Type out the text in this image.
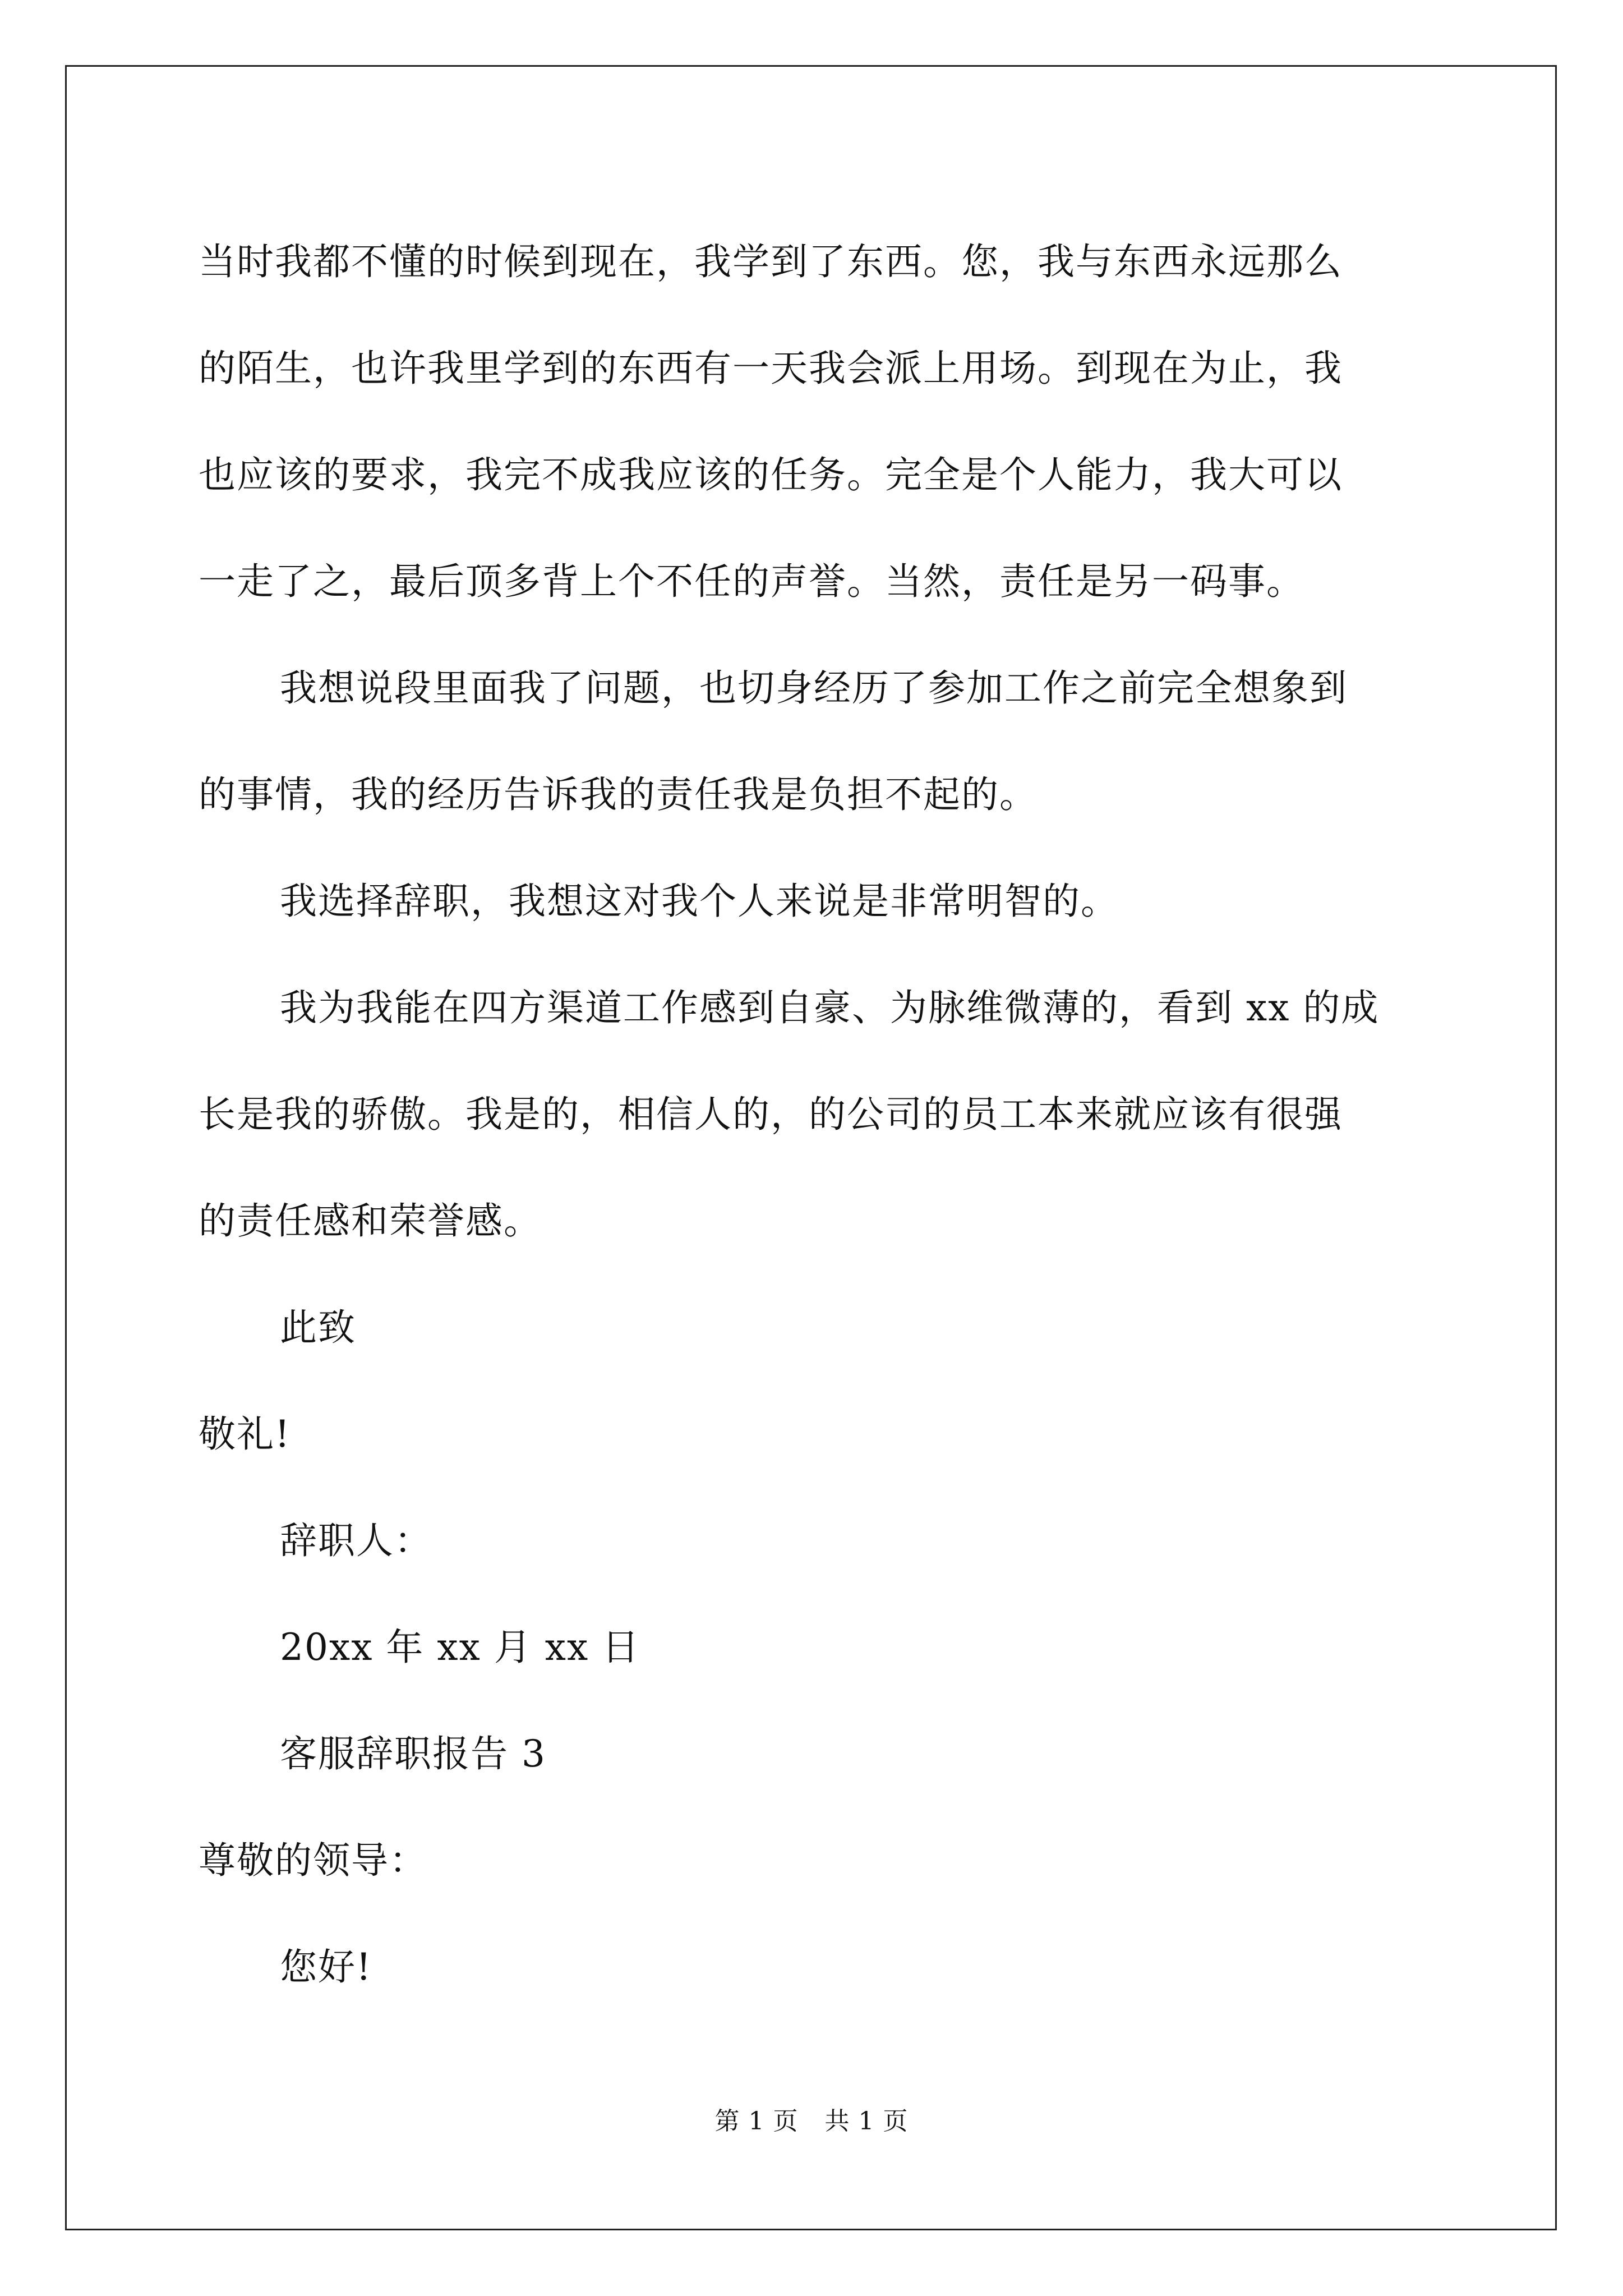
当时我都不懂的时候到现在，我学到了东西。您，我与东西永远那么

的陌生，也许我里学到的东西有一天我会派上用场。到现在为止，我

也应该的要求，我完不成我应该的任务。完全是个人能力，我大可以

一走了之，最后顶多背上个不任的声誉。当然，责任是另一码事。

我想说段里面我了问题，也切身经历了参加工作之前完全想象到

的事情，我的经历告诉我的责任我是负担不起的。

我选择辞职，我想这对我个人来说是非常明智的。

我为我能在四方渠道工作感到自豪、为脉维微薄的，看到 xx 的成

长是我的骄傲。我是的，相信人的，的公司的员工本来就应该有很强

的责任感和荣誉感。

此致

敬礼!

辞职人：

20xx 年 xx 月 xx 日

客服辞职报告 3

尊敬的领导：

您好!

第 1 页 共 1 页
